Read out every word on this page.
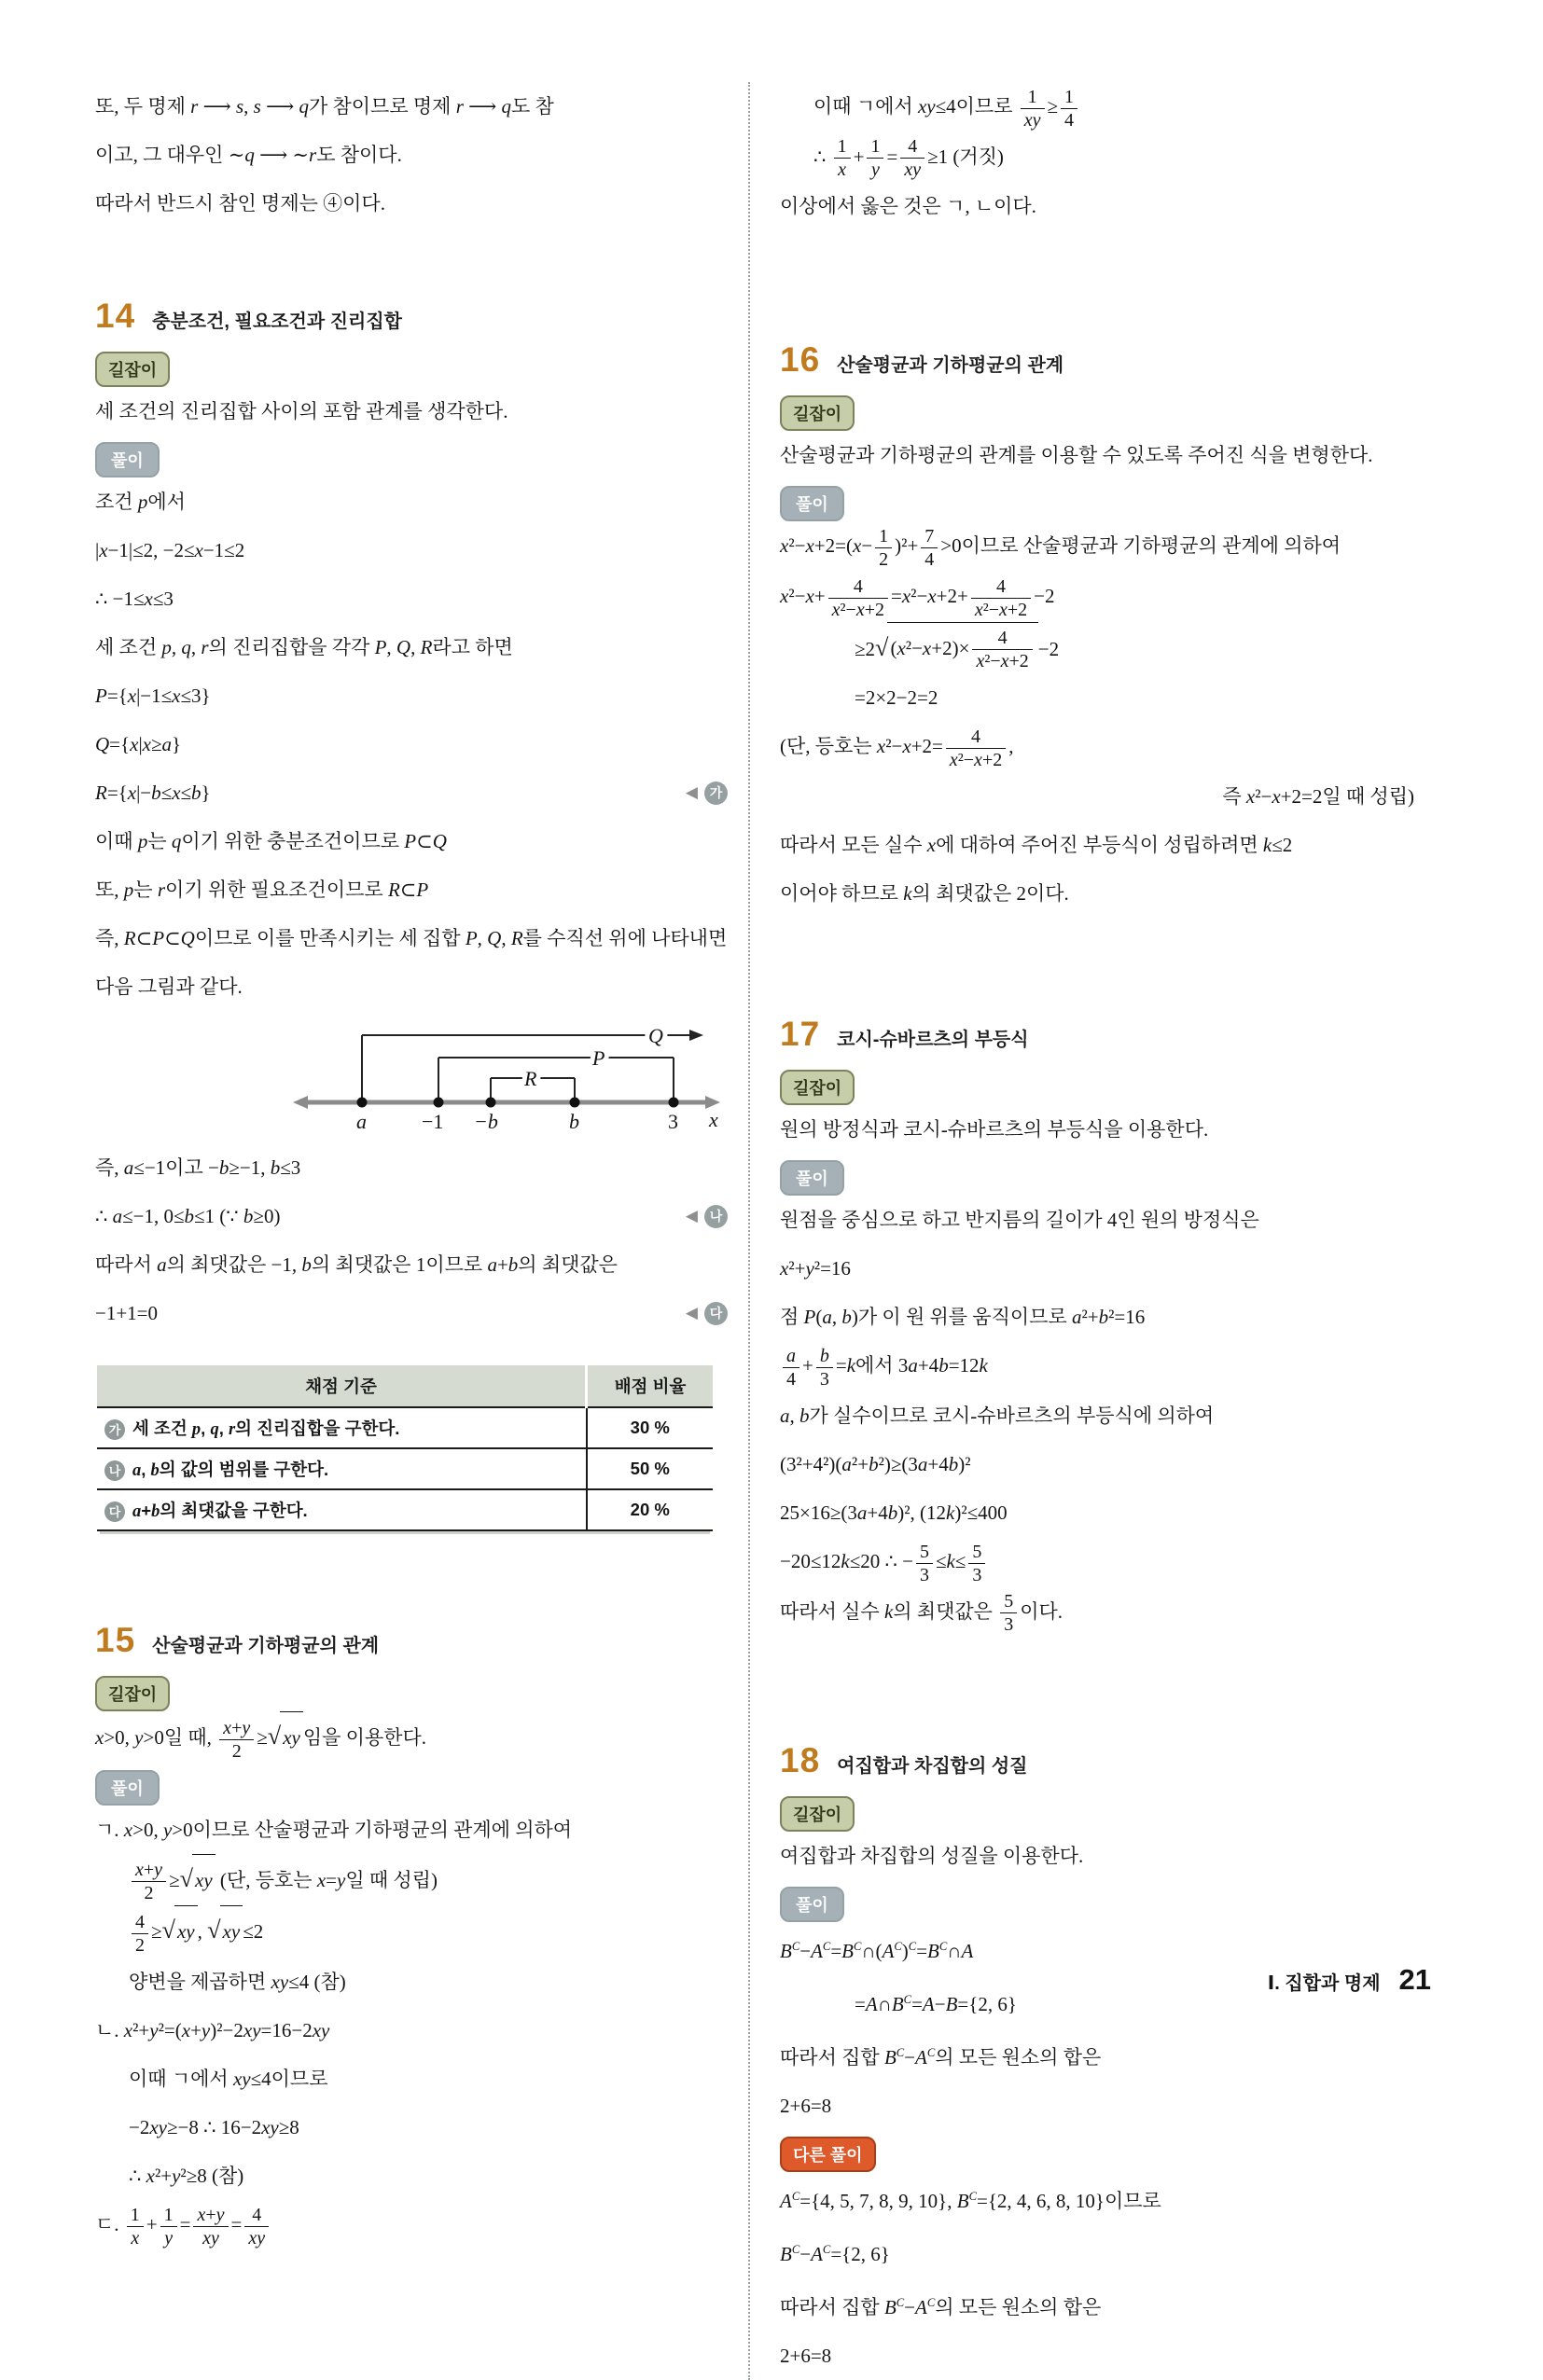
또, 두 명제 r ⟶ s, s ⟶ q가 참이므로 명제 r ⟶ q도 참
이고, 그 대우인 ∼q ⟶ ∼r도 참이다.
따라서 반드시 참인 명제는 ④이다.
14 충분조건, 필요조건과 진리집합
길잡이
세 조건의 진리집합 사이의 포함 관계를 생각한다.
풀이
조건 p에서
|x−1|≤2, −2≤x−1≤2
∴ −1≤x≤3
세 조건 p, q, r의 진리집합을 각각 P, Q, R라고 하면
P={x|−1≤x≤3}
Q={x|x≥a}
R={x|−b≤x≤b}	◀ 가
이때 p는 q이기 위한 충분조건이므로 P⊂Q
또, p는 r이기 위한 필요조건이므로 R⊂P
즉, R⊂P⊂Q이므로 이를 만족시키는 세 집합 P, Q, R를 수직선 위에 나타내면 다음 그림과 같다.
Q
P
R
a	−1 −b	b	3 x
즉, a≤−1이고 −b≥−1, b≤3
∴ a≤−1, 0≤b≤1 (∵ b≥0)	◀ 나
따라서 a의 최댓값은 −1, b의 최댓값은 1이므로 a+b의 최댓값은
−1+1=0	◀ 다
채점 기준	배점 비율
가 세 조건 p, q, r의 진리집합을 구한다.	30 %
나 a, b의 값의 범위를 구한다.	50 %
다 a+b의 최댓값을 구한다.	20 %
15 산술평균과 기하평균의 관계
길잡이
x>0, y>0일 때, $\frac{x+y}{2}$ ≥ √ xy 임을 이용한다.
풀이
ㄱ. x>0, y>0이므로 산술평균과 기하평균의 관계에 의하여
$\frac{x+y}{2}$ ≥ √ xy (단, 등호는 x=y일 때 성립)
$\frac{4}{2}$ ≥ √ xy , √ xy ≤2
양변을 제곱하면 xy≤4 (참)
ㄴ. x²+y²=(x+y)²−2xy=16−2xy
이때 ㄱ에서 xy≤4이므로
−2xy≥−8 ∴ 16−2xy≥8
∴ x²+y²≥8 (참)
ㄷ. $\frac{1}{x} + \frac{1}{y} = \frac{x+y}{xy} = \frac{4}{xy}$
이때 ㄱ에서 xy≤4이므로 $\frac{1}{xy} \ge \frac{1}{4}$
∴ $\frac{1}{x} + \frac{1}{y} = \frac{4}{xy} \ge 1$ (거짓)
이상에서 옳은 것은 ㄱ, ㄴ이다.
16 산술평균과 기하평균의 관계
길잡이
산술평균과 기하평균의 관계를 이용할 수 있도록 주어진 식을 변형한다.
풀이
$x^2-x+2=(x- \frac{1}{2} )^2+ \frac{7}{4} >0$이므로 산술평균과 기하평균의 관계에 의하여
$x^2-x+ \frac{4}{\text{x²−x+2}} =x^2-x+2+ \frac{4}{\text{x²−x+2}} -2$
≥2 √ $(x^2-x+2)\times \frac{4}{\text{x²−x+2}} -2$
=2×2−2=2
(단, 등호는 $x^2-x+2= \frac{4}{\text{x²−x+2}}$ ,
즉 x²−x+2=2일 때 성립)
따라서 모든 실수 x에 대하여 주어진 부등식이 성립하려면 k≤2
이어야 하므로 k의 최댓값은 2이다.
17 코시-슈바르츠의 부등식
길잡이
원의 방정식과 코시-슈바르츠의 부등식을 이용한다.
풀이
원점을 중심으로 하고 반지름의 길이가 4인 원의 방정식은
x²+y²=16
점 P(a, b)가 이 원 위를 움직이므로 a²+b²=16
$\frac{a}{4} + \frac{b}{3} =k$에서 3a+4b=12k
a, b가 실수이므로 코시-슈바르츠의 부등식에 의하여
(3²+4²)(a²+b²)≥(3a+4b)²
25×16≥(3a+4b)², (12k)²≤400
−20≤12k≤20 ∴ − $\frac{5}{3} \le k\le \frac{5}{3}$
따라서 실수 k의 최댓값은 $\frac{5}{3}$ 이다.
18 여집합과 차집합의 성질
길잡이
여집합과 차집합의 성질을 이용한다.
풀이
$B^C-A^C=B^C\cap(A^C)^C=B^C\cap A$
$=A\cap B^C=A-B=\{2$, 6}
따라서 집합 $B^C-A^C$의 모든 원소의 합은
2+6=8
다른 풀이
$A^C=\{4$, 5, 7, 8, 9, 10}, $B^C=\{2$, 4, 6, 8, 10}이므로
$B^C-A^C=\{2$, 6}
따라서 집합 $B^C-A^C$의 모든 원소의 합은
2+6=8
Ⅰ. 집합과 명제 21
